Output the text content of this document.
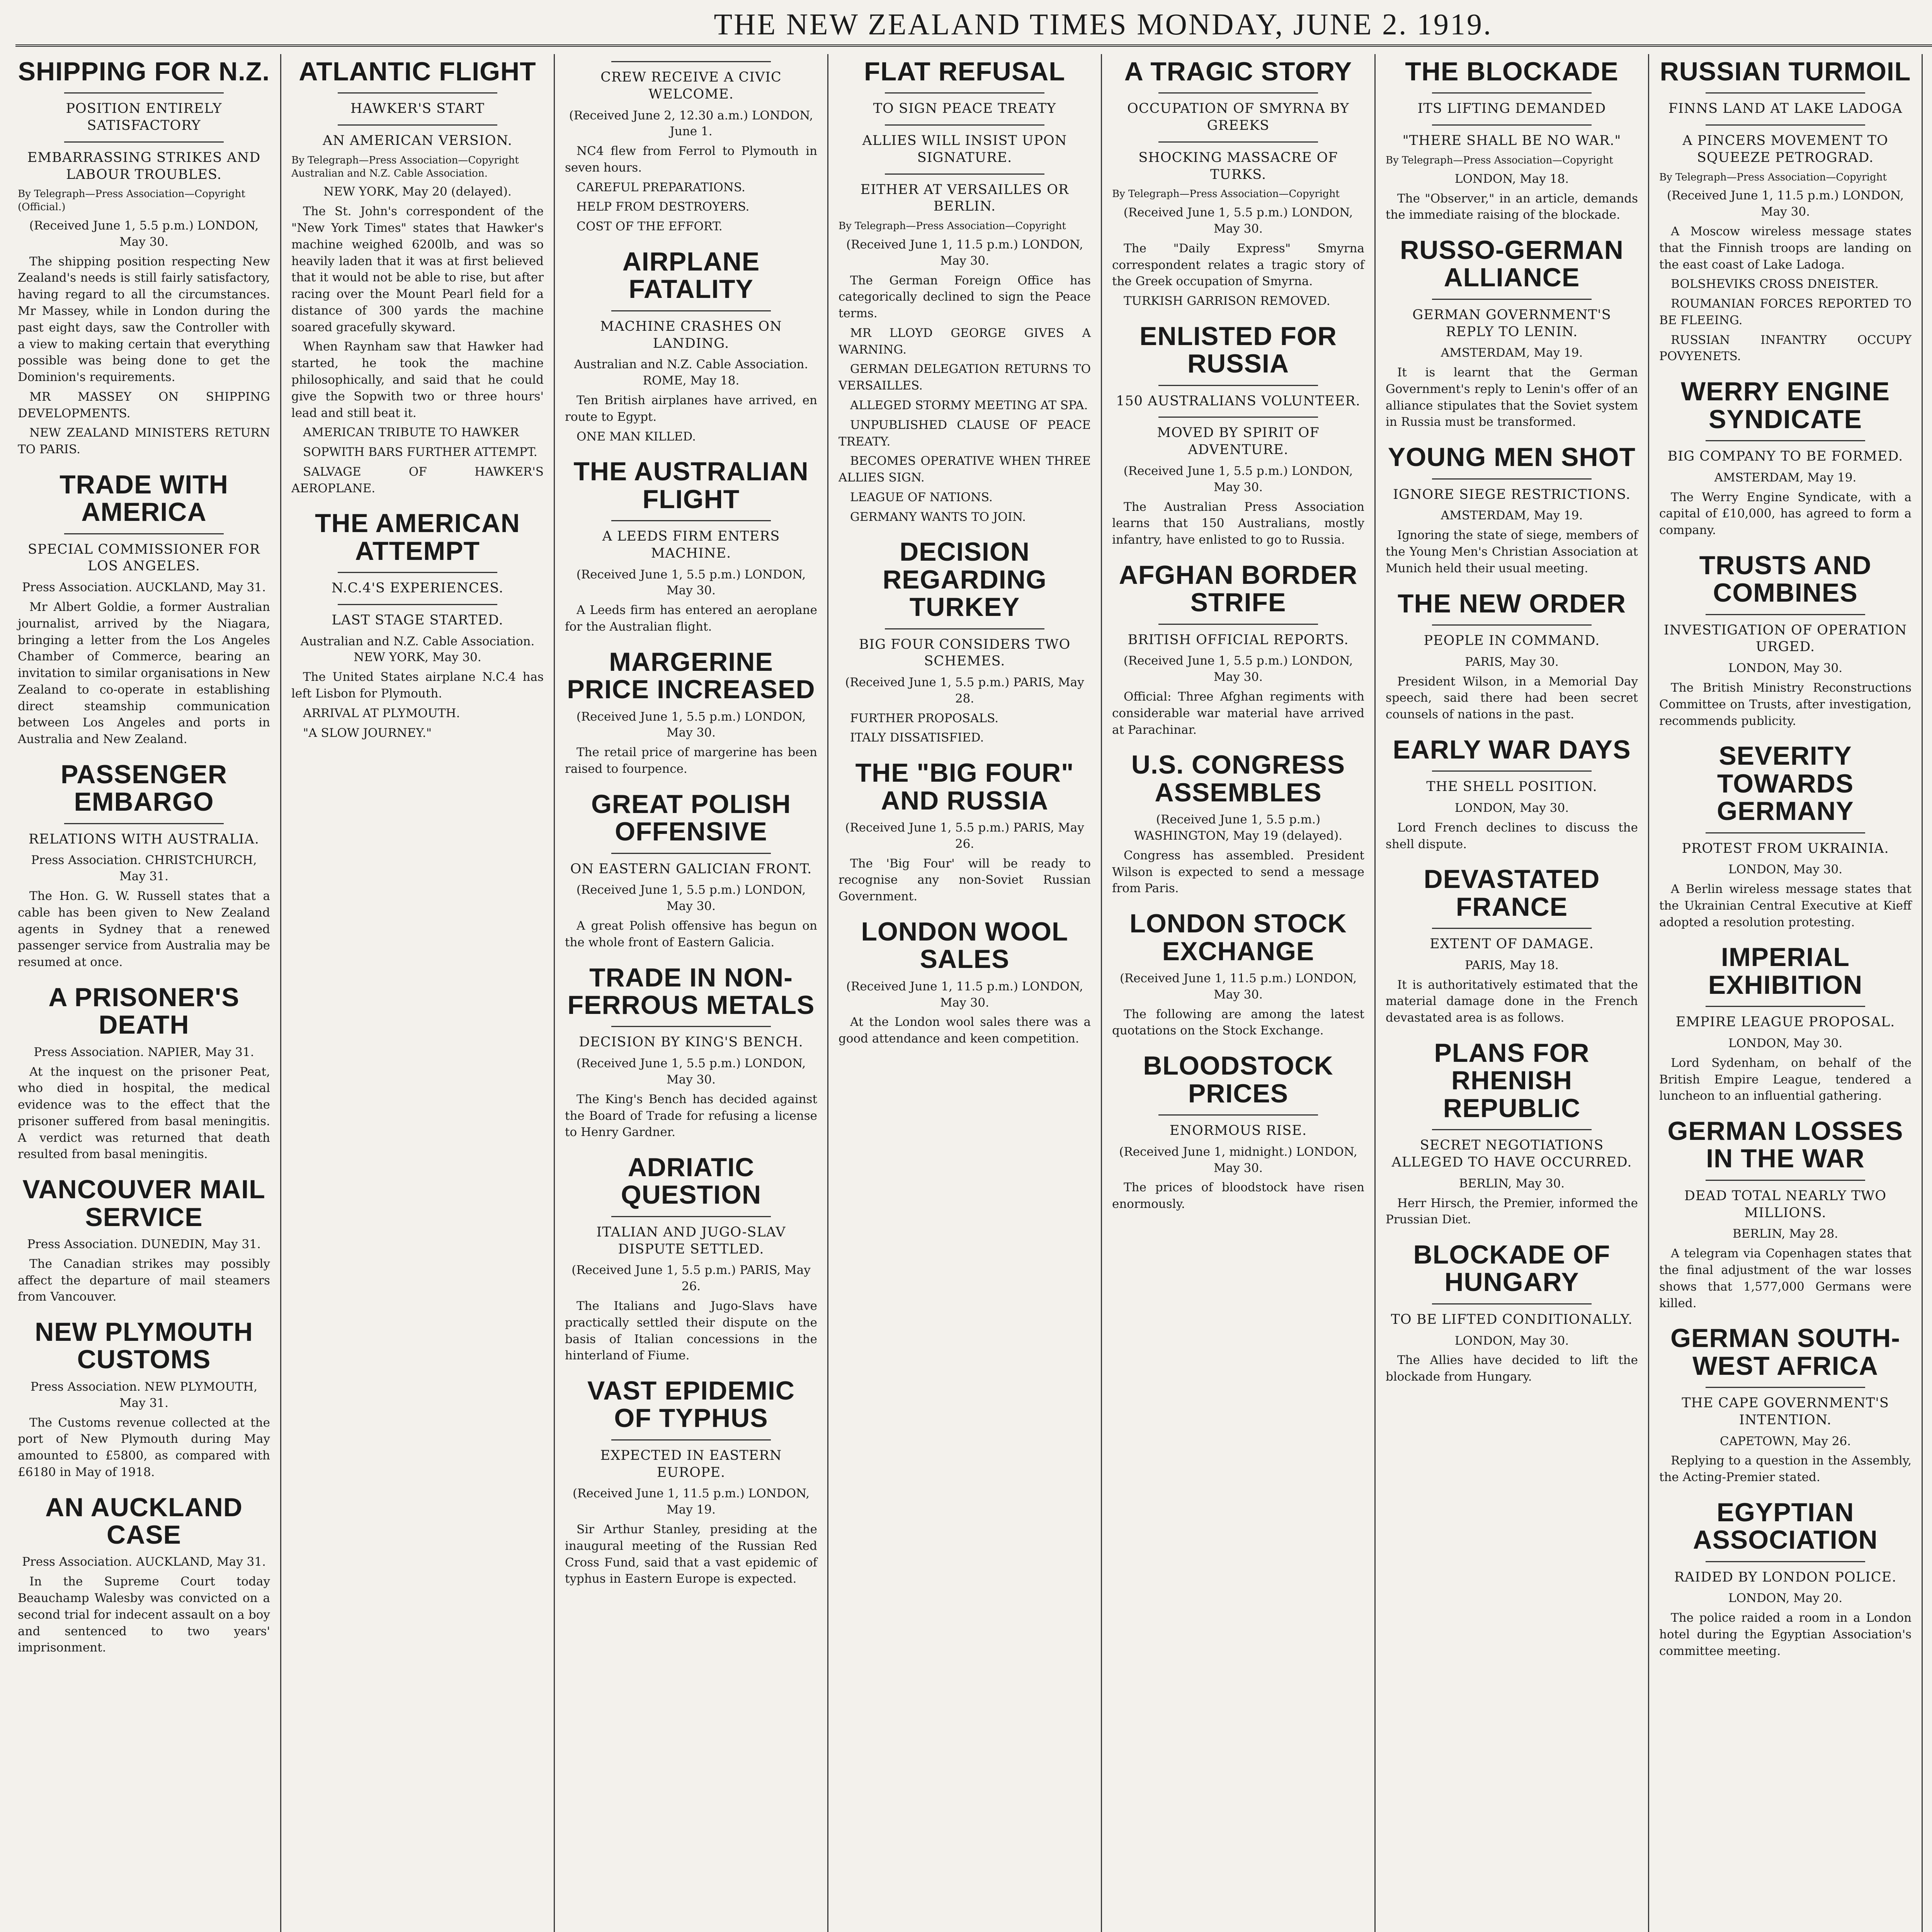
THE NEW ZEALAND TIMES MONDAY, JUNE 2. 1919.
SHIPPING FOR N.Z.
POSITION ENTIRELY SATISFACTORY
EMBARRASSING STRIKES AND LABOUR TROUBLES.
By Telegraph—Press Association—Copyright (Official.)
(Received June 1, 5.5 p.m.) LONDON, May 30.
The shipping position respecting New Zealand's needs is still fairly satisfactory, having regard to all the circumstances. Mr Massey, while in London during the past eight days, saw the Controller with a view to making certain that everything possible was being done to get the Dominion's requirements.
MR MASSEY ON SHIPPING DEVELOPMENTS.
NEW ZEALAND MINISTERS RETURN TO PARIS.
TRADE WITH AMERICA
SPECIAL COMMISSIONER FOR LOS ANGELES.
Press Association. AUCKLAND, May 31.
Mr Albert Goldie, a former Australian journalist, arrived by the Niagara, bringing a letter from the Los Angeles Chamber of Commerce, bearing an invitation to similar organisations in New Zealand to co-operate in establishing direct steamship communication between Los Angeles and ports in Australia and New Zealand.
PASSENGER EMBARGO
RELATIONS WITH AUSTRALIA.
Press Association. CHRISTCHURCH, May 31.
The Hon. G. W. Russell states that a cable has been given to New Zealand agents in Sydney that a renewed passenger service from Australia may be resumed at once.
A PRISONER'S DEATH
Press Association. NAPIER, May 31.
At the inquest on the prisoner Peat, who died in hospital, the medical evidence was to the effect that the prisoner suffered from basal meningitis. A verdict was returned that death resulted from basal meningitis.
VANCOUVER MAIL SERVICE
Press Association. DUNEDIN, May 31.
The Canadian strikes may possibly affect the departure of mail steamers from Vancouver.
NEW PLYMOUTH CUSTOMS
Press Association. NEW PLYMOUTH, May 31.
The Customs revenue collected at the port of New Plymouth during May amounted to £5800, as compared with £6180 in May of 1918.
AN AUCKLAND CASE
Press Association. AUCKLAND, May 31.
In the Supreme Court today Beauchamp Walesby was convicted on a second trial for indecent assault on a boy and sentenced to two years' imprisonment.
ATLANTIC FLIGHT
HAWKER'S START
AN AMERICAN VERSION.
By Telegraph—Press Association—Copyright Australian and N.Z. Cable Association.
NEW YORK, May 20 (delayed).
The St. John's correspondent of the "New York Times" states that Hawker's machine weighed 6200lb, and was so heavily laden that it was at first believed that it would not be able to rise, but after racing over the Mount Pearl field for a distance of 300 yards the machine soared gracefully skyward.
When Raynham saw that Hawker had started, he took the machine philosophically, and said that he could give the Sopwith two or three hours' lead and still beat it.
AMERICAN TRIBUTE TO HAWKER
SOPWITH BARS FURTHER ATTEMPT.
SALVAGE OF HAWKER'S AEROPLANE.
THE AMERICAN ATTEMPT
N.C.4'S EXPERIENCES.
LAST STAGE STARTED.
Australian and N.Z. Cable Association. NEW YORK, May 30.
The United States airplane N.C.4 has left Lisbon for Plymouth.
ARRIVAL AT PLYMOUTH.
"A SLOW JOURNEY."
CREW RECEIVE A CIVIC WELCOME.
(Received June 2, 12.30 a.m.) LONDON, June 1.
NC4 flew from Ferrol to Plymouth in seven hours.
CAREFUL PREPARATIONS.
HELP FROM DESTROYERS.
COST OF THE EFFORT.
AIRPLANE FATALITY
MACHINE CRASHES ON LANDING.
Australian and N.Z. Cable Association. ROME, May 18.
Ten British airplanes have arrived, en route to Egypt.
ONE MAN KILLED.
THE AUSTRALIAN FLIGHT
A LEEDS FIRM ENTERS MACHINE.
(Received June 1, 5.5 p.m.) LONDON, May 30.
A Leeds firm has entered an aeroplane for the Australian flight.
MARGERINE PRICE INCREASED
(Received June 1, 5.5 p.m.) LONDON, May 30.
The retail price of margerine has been raised to fourpence.
GREAT POLISH OFFENSIVE
ON EASTERN GALICIAN FRONT.
(Received June 1, 5.5 p.m.) LONDON, May 30.
A great Polish offensive has begun on the whole front of Eastern Galicia.
TRADE IN NON-FERROUS METALS
DECISION BY KING'S BENCH.
(Received June 1, 5.5 p.m.) LONDON, May 30.
The King's Bench has decided against the Board of Trade for refusing a license to Henry Gardner.
ADRIATIC QUESTION
ITALIAN AND JUGO-SLAV DISPUTE SETTLED.
(Received June 1, 5.5 p.m.) PARIS, May 26.
The Italians and Jugo-Slavs have practically settled their dispute on the basis of Italian concessions in the hinterland of Fiume.
VAST EPIDEMIC OF TYPHUS
EXPECTED IN EASTERN EUROPE.
(Received June 1, 11.5 p.m.) LONDON, May 19.
Sir Arthur Stanley, presiding at the inaugural meeting of the Russian Red Cross Fund, said that a vast epidemic of typhus in Eastern Europe is expected.
FLAT REFUSAL
TO SIGN PEACE TREATY
ALLIES WILL INSIST UPON SIGNATURE.
EITHER AT VERSAILLES OR BERLIN.
By Telegraph—Press Association—Copyright
(Received June 1, 11.5 p.m.) LONDON, May 30.
The German Foreign Office has categorically declined to sign the Peace terms.
MR LLOYD GEORGE GIVES A WARNING.
GERMAN DELEGATION RETURNS TO VERSAILLES.
ALLEGED STORMY MEETING AT SPA.
UNPUBLISHED CLAUSE OF PEACE TREATY.
BECOMES OPERATIVE WHEN THREE ALLIES SIGN.
LEAGUE OF NATIONS.
GERMANY WANTS TO JOIN.
DECISION REGARDING TURKEY
BIG FOUR CONSIDERS TWO SCHEMES.
(Received June 1, 5.5 p.m.) PARIS, May 28.
FURTHER PROPOSALS.
ITALY DISSATISFIED.
THE "BIG FOUR" AND RUSSIA
(Received June 1, 5.5 p.m.) PARIS, May 26.
The 'Big Four' will be ready to recognise any non-Soviet Russian Government.
LONDON WOOL SALES
(Received June 1, 11.5 p.m.) LONDON, May 30.
At the London wool sales there was a good attendance and keen competition.
A TRAGIC STORY
OCCUPATION OF SMYRNA BY GREEKS
SHOCKING MASSACRE OF TURKS.
By Telegraph—Press Association—Copyright
(Received June 1, 5.5 p.m.) LONDON, May 30.
The "Daily Express" Smyrna correspondent relates a tragic story of the Greek occupation of Smyrna.
TURKISH GARRISON REMOVED.
ENLISTED FOR RUSSIA
150 AUSTRALIANS VOLUNTEER.
MOVED BY SPIRIT OF ADVENTURE.
(Received June 1, 5.5 p.m.) LONDON, May 30.
The Australian Press Association learns that 150 Australians, mostly infantry, have enlisted to go to Russia.
AFGHAN BORDER STRIFE
BRITISH OFFICIAL REPORTS.
(Received June 1, 5.5 p.m.) LONDON, May 30.
Official: Three Afghan regiments with considerable war material have arrived at Parachinar.
U.S. CONGRESS ASSEMBLES
(Received June 1, 5.5 p.m.) WASHINGTON, May 19 (delayed).
Congress has assembled. President Wilson is expected to send a message from Paris.
LONDON STOCK EXCHANGE
(Received June 1, 11.5 p.m.) LONDON, May 30.
The following are among the latest quotations on the Stock Exchange.
BLOODSTOCK PRICES
ENORMOUS RISE.
(Received June 1, midnight.) LONDON, May 30.
The prices of bloodstock have risen enormously.
THE BLOCKADE
ITS LIFTING DEMANDED
"THERE SHALL BE NO WAR."
By Telegraph—Press Association—Copyright
LONDON, May 18.
The "Observer," in an article, demands the immediate raising of the blockade.
RUSSO-GERMAN ALLIANCE
GERMAN GOVERNMENT'S REPLY TO LENIN.
AMSTERDAM, May 19.
It is learnt that the German Government's reply to Lenin's offer of an alliance stipulates that the Soviet system in Russia must be transformed.
YOUNG MEN SHOT
IGNORE SIEGE RESTRICTIONS.
AMSTERDAM, May 19.
Ignoring the state of siege, members of the Young Men's Christian Association at Munich held their usual meeting.
THE NEW ORDER
PEOPLE IN COMMAND.
PARIS, May 30.
President Wilson, in a Memorial Day speech, said there had been secret counsels of nations in the past.
EARLY WAR DAYS
THE SHELL POSITION.
LONDON, May 30.
Lord French declines to discuss the shell dispute.
DEVASTATED FRANCE
EXTENT OF DAMAGE.
PARIS, May 18.
It is authoritatively estimated that the material damage done in the French devastated area is as follows.
PLANS FOR RHENISH REPUBLIC
SECRET NEGOTIATIONS ALLEGED TO HAVE OCCURRED.
BERLIN, May 30.
Herr Hirsch, the Premier, informed the Prussian Diet.
BLOCKADE OF HUNGARY
TO BE LIFTED CONDITIONALLY.
LONDON, May 30.
The Allies have decided to lift the blockade from Hungary.
RUSSIAN TURMOIL
FINNS LAND AT LAKE LADOGA
A PINCERS MOVEMENT TO SQUEEZE PETROGRAD.
By Telegraph—Press Association—Copyright
(Received June 1, 11.5 p.m.) LONDON, May 30.
A Moscow wireless message states that the Finnish troops are landing on the east coast of Lake Ladoga.
BOLSHEVIKS CROSS DNEISTER.
ROUMANIAN FORCES REPORTED TO BE FLEEING.
RUSSIAN INFANTRY OCCUPY POVYENETS.
WERRY ENGINE SYNDICATE
BIG COMPANY TO BE FORMED.
AMSTERDAM, May 19.
The Werry Engine Syndicate, with a capital of £10,000, has agreed to form a company.
TRUSTS AND COMBINES
INVESTIGATION OF OPERATION URGED.
LONDON, May 30.
The British Ministry Reconstructions Committee on Trusts, after investigation, recommends publicity.
SEVERITY TOWARDS GERMANY
PROTEST FROM UKRAINIA.
LONDON, May 30.
A Berlin wireless message states that the Ukrainian Central Executive at Kieff adopted a resolution protesting.
IMPERIAL EXHIBITION
EMPIRE LEAGUE PROPOSAL.
LONDON, May 30.
Lord Sydenham, on behalf of the British Empire League, tendered a luncheon to an influential gathering.
GERMAN LOSSES IN THE WAR
DEAD TOTAL NEARLY TWO MILLIONS.
BERLIN, May 28.
A telegram via Copenhagen states that the final adjustment of the war losses shows that 1,577,000 Germans were killed.
GERMAN SOUTH-WEST AFRICA
THE CAPE GOVERNMENT'S INTENTION.
CAPETOWN, May 26.
Replying to a question in the Assembly, the Acting-Premier stated.
EGYPTIAN ASSOCIATION
RAIDED BY LONDON POLICE.
LONDON, May 20.
The police raided a room in a London hotel during the Egyptian Association's committee meeting.
